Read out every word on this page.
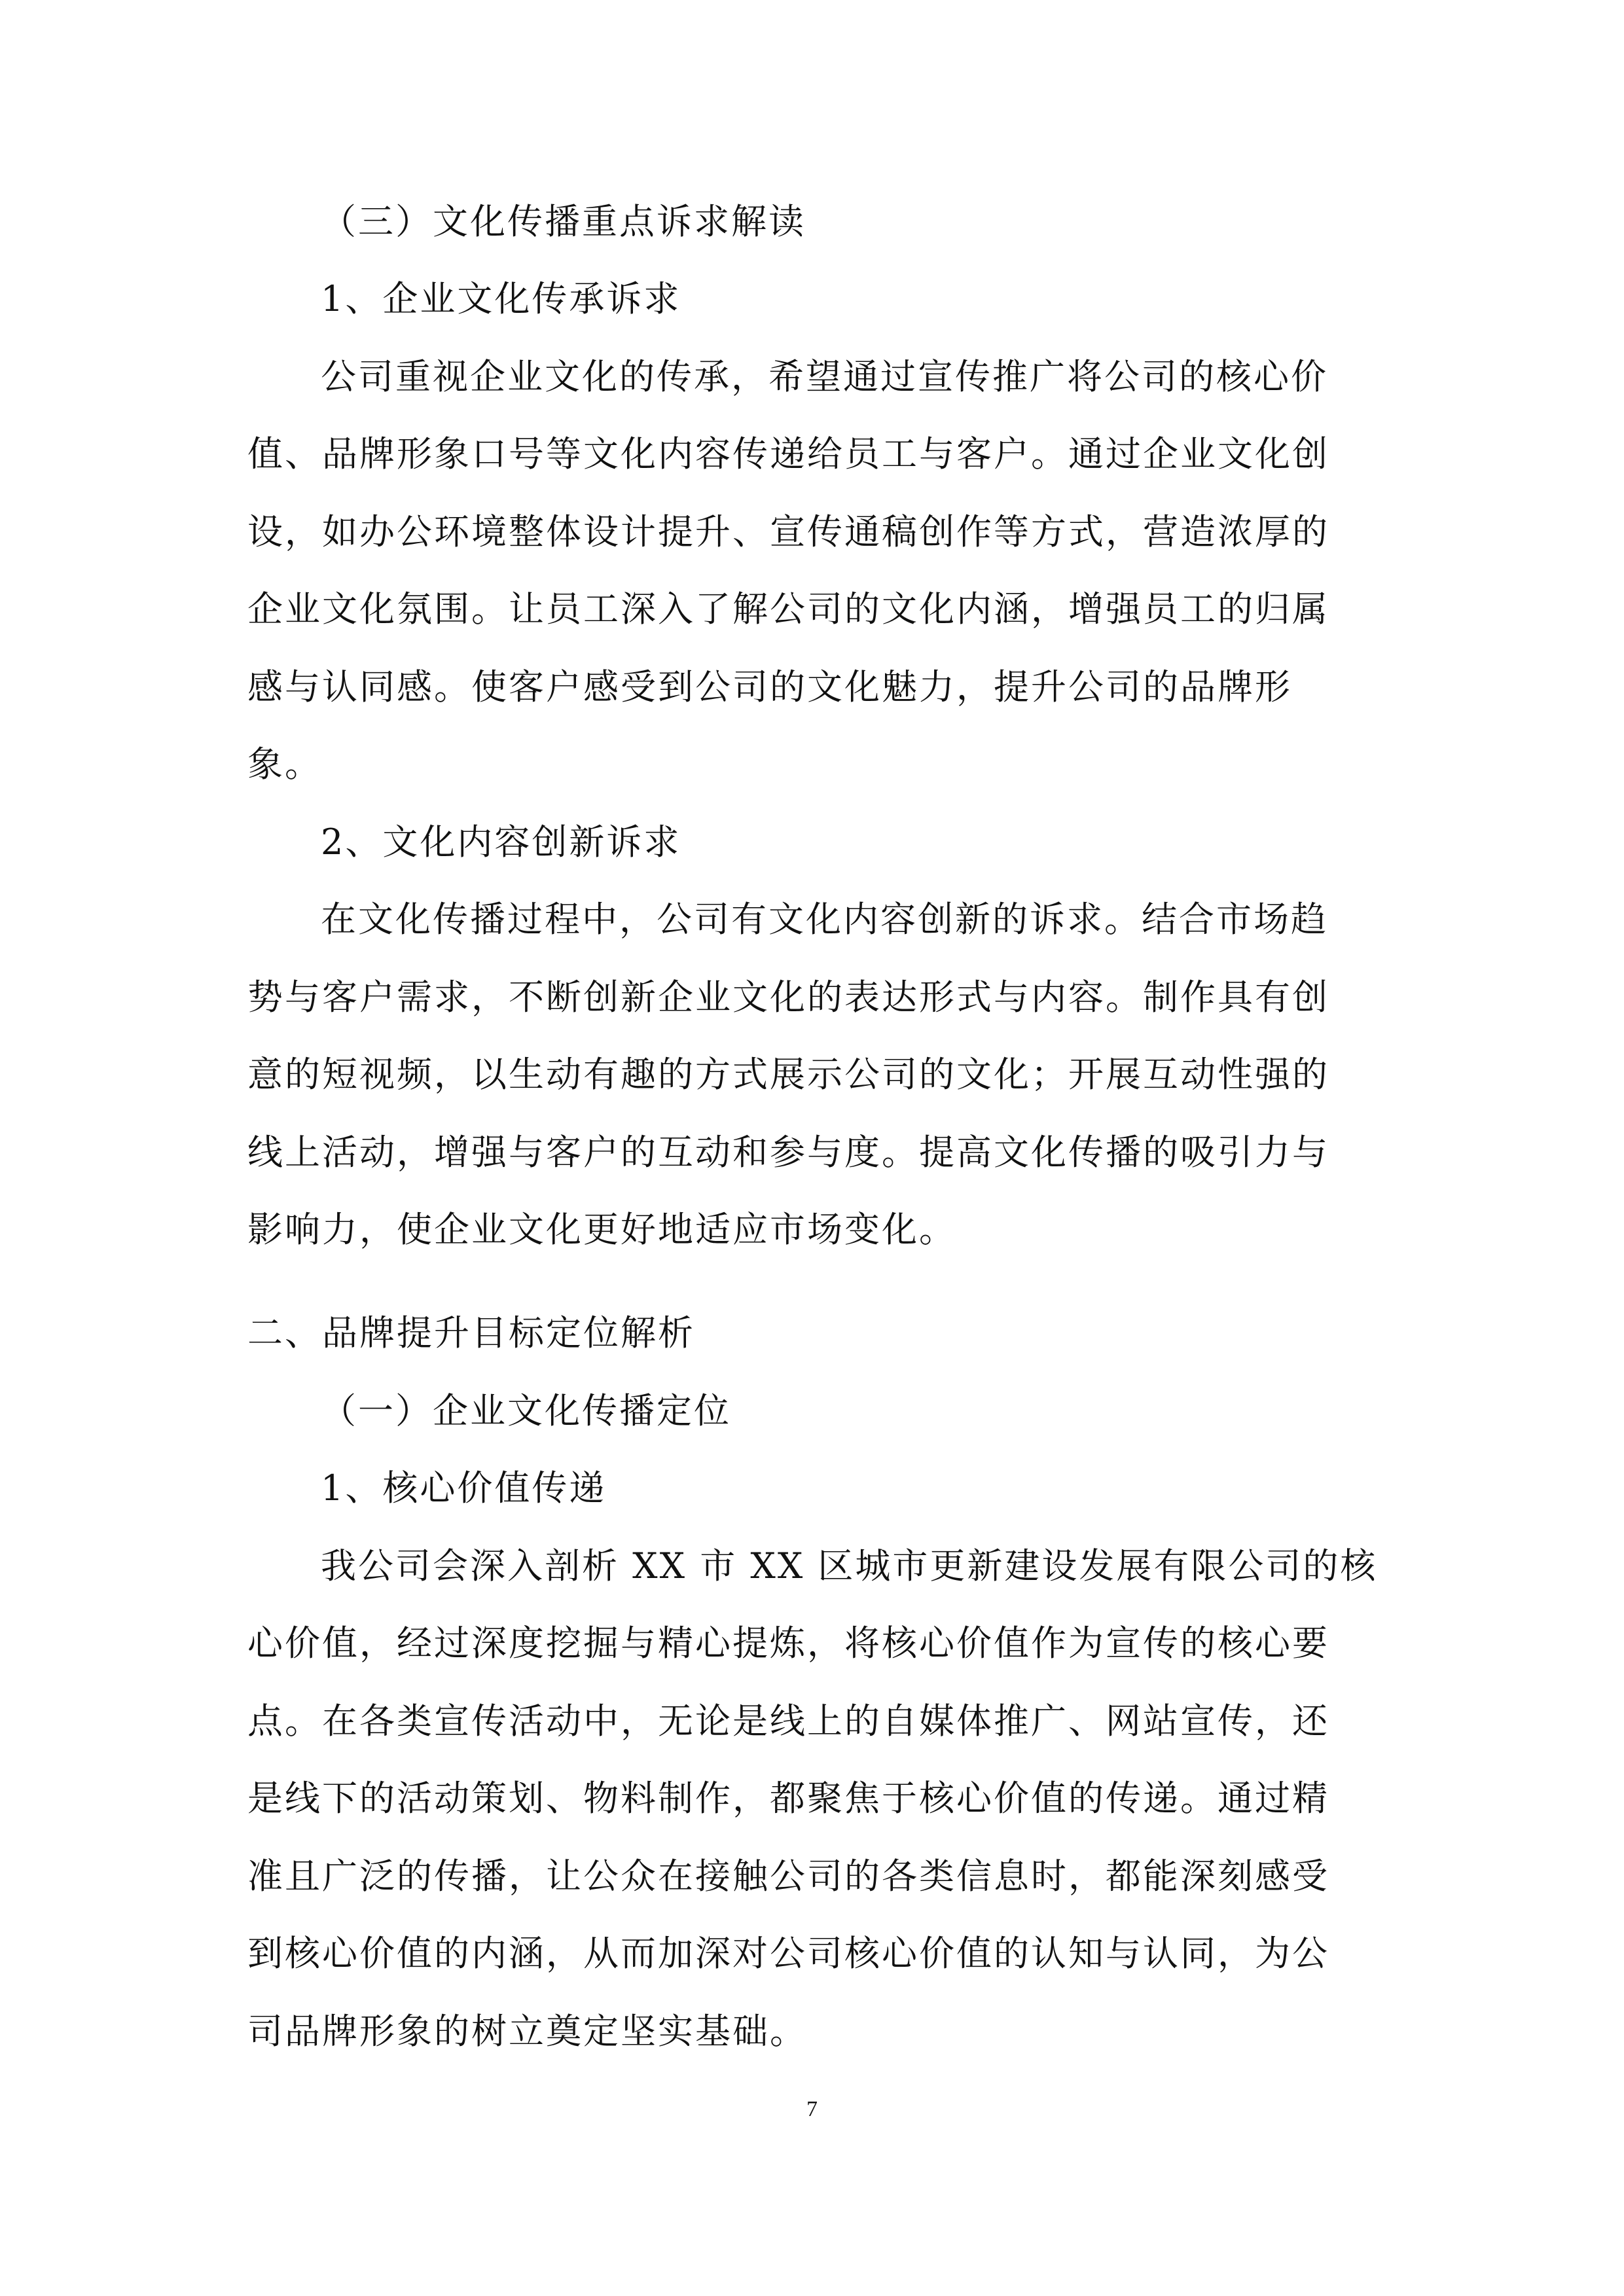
（三）文化传播重点诉求解读
1、企业文化传承诉求
公司重视企业文化的传承，希望通过宣传推广将公司的核心价
值、品牌形象口号等文化内容传递给员工与客户。通过企业文化创
设，如办公环境整体设计提升、宣传通稿创作等方式，营造浓厚的
企业文化氛围。让员工深入了解公司的文化内涵，增强员工的归属
感与认同感。使客户感受到公司的文化魅力，提升公司的品牌形
象。
2、文化内容创新诉求
在文化传播过程中，公司有文化内容创新的诉求。结合市场趋
势与客户需求，不断创新企业文化的表达形式与内容。制作具有创
意的短视频，以生动有趣的方式展示公司的文化；开展互动性强的
线上活动，增强与客户的互动和参与度。提高文化传播的吸引力与
影响力，使企业文化更好地适应市场变化。
二、品牌提升目标定位解析
（一）企业文化传播定位
1、核心价值传递
我公司会深入剖析 XX 市 XX 区城市更新建设发展有限公司的核
心价值，经过深度挖掘与精心提炼，将核心价值作为宣传的核心要
点。在各类宣传活动中，无论是线上的自媒体推广、网站宣传，还
是线下的活动策划、物料制作，都聚焦于核心价值的传递。通过精
准且广泛的传播，让公众在接触公司的各类信息时，都能深刻感受
到核心价值的内涵，从而加深对公司核心价值的认知与认同，为公
司品牌形象的树立奠定坚实基础。
7
